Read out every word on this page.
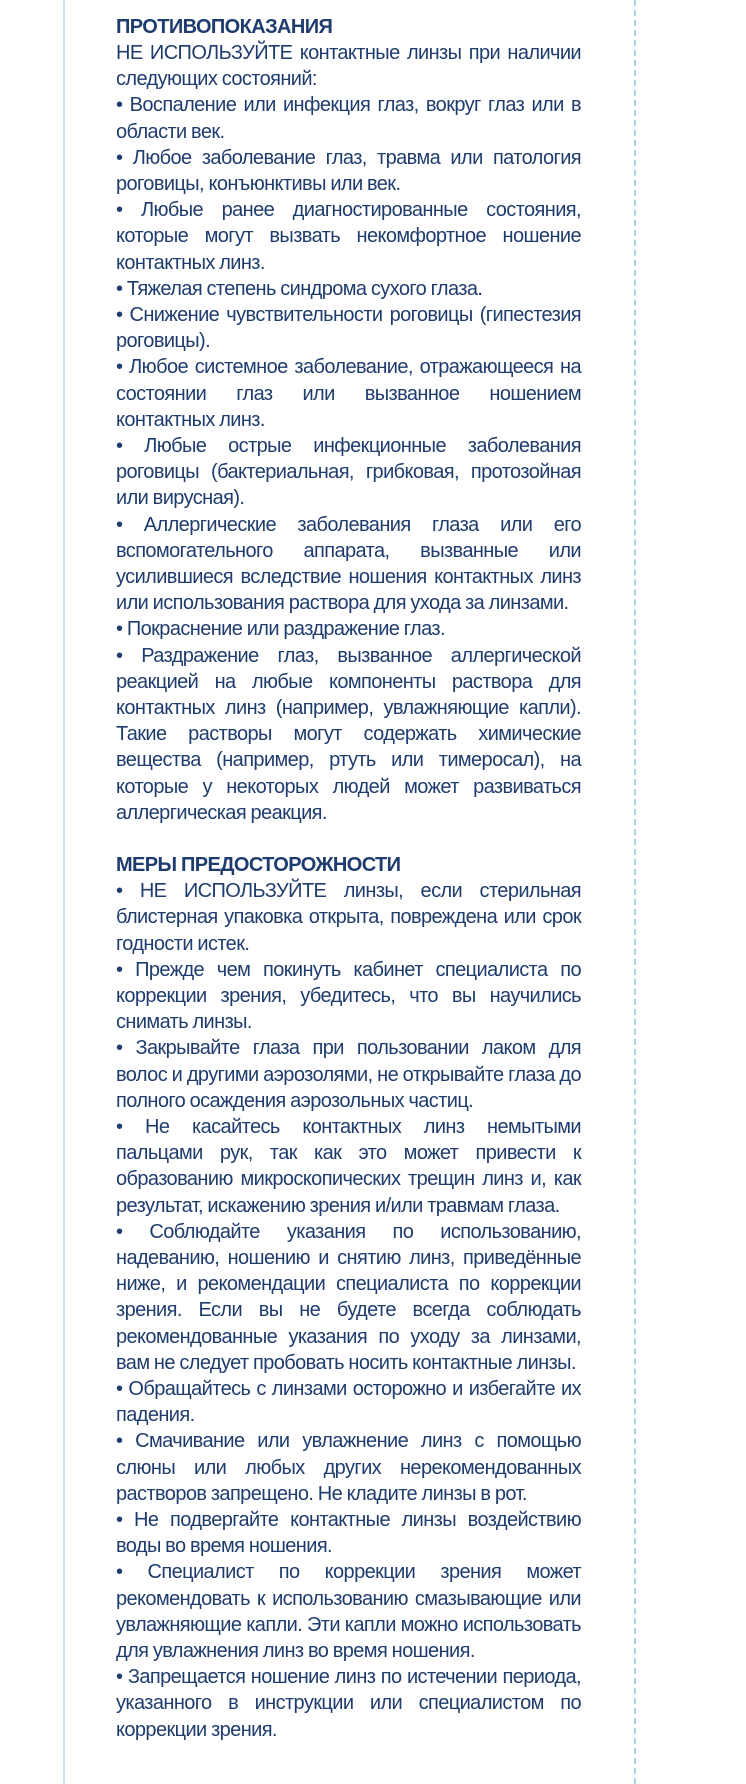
ПРОТИВОПОКАЗАНИЯ

НЕ ИСПОЛЬЗУЙТЕ контактные линзы при наличии следующих состояний:

• Воспаление или инфекция глаз, вокруг глаз или в области век.

• Любое заболевание глаз, травма или патология роговицы, конъюнктивы или век.

• Любые ранее диагностированные состояния, которые могут вызвать некомфортное ношение контактных линз.

• Тяжелая степень синдрома сухого глаза.

• Снижение чувствительности роговицы (гипестезия роговицы).

• Любое системное заболевание, отражающееся на состоянии глаз или вызванное ношением контактных линз.

• Любые острые инфекционные заболевания роговицы (бактериальная, грибковая, протозойная или вирусная).

• Аллергические заболевания глаза или его вспомогательного аппарата, вызванные или усилившиеся вследствие ношения контактных линз или использования раствора для ухода за линзами.

• Покраснение или раздражение глаз.

• Раздражение глаз, вызванное аллергической реакцией на любые компоненты раствора для контактных линз (например, увлажняющие капли). Такие растворы могут содержать химические вещества (например, ртуть или тимеросал), на которые у некоторых людей может развиваться аллергическая реакция.

МЕРЫ ПРЕДОСТОРОЖНОСТИ

• НЕ ИСПОЛЬЗУЙТЕ линзы, если стерильная блистерная упаковка открыта, повреждена или срок годности истек.

• Прежде чем покинуть кабинет специалиста по коррекции зрения, убедитесь, что вы научились снимать линзы.

• Закрывайте глаза при пользовании лаком для волос и другими аэрозолями, не открывайте глаза до полного осаждения аэрозольных частиц.

• Не касайтесь контактных линз немытыми пальцами рук, так как это может привести к образованию микроскопических трещин линз и, как результат, искажению зрения и/или травмам глаза.

• Соблюдайте указания по использованию, надеванию, ношению и снятию линз, приведённые ниже, и рекомендации специалиста по коррекции зрения. Если вы не будете всегда соблюдать рекомендованные указания по уходу за линзами, вам не следует пробовать носить контактные линзы.

• Обращайтесь с линзами осторожно и избегайте их падения.

• Смачивание или увлажнение линз с помощью слюны или любых других нерекомендованных растворов запрещено. Не кладите линзы в рот.

• Не подвергайте контактные линзы воздействию воды во время ношения.

• Специалист по коррекции зрения может рекомендовать к использованию смазывающие или увлажняющие капли. Эти капли можно использовать для увлажнения линз во время ношения.

• Запрещается ношение линз по истечении периода, указанного в инструкции или специалистом по коррекции зрения.
